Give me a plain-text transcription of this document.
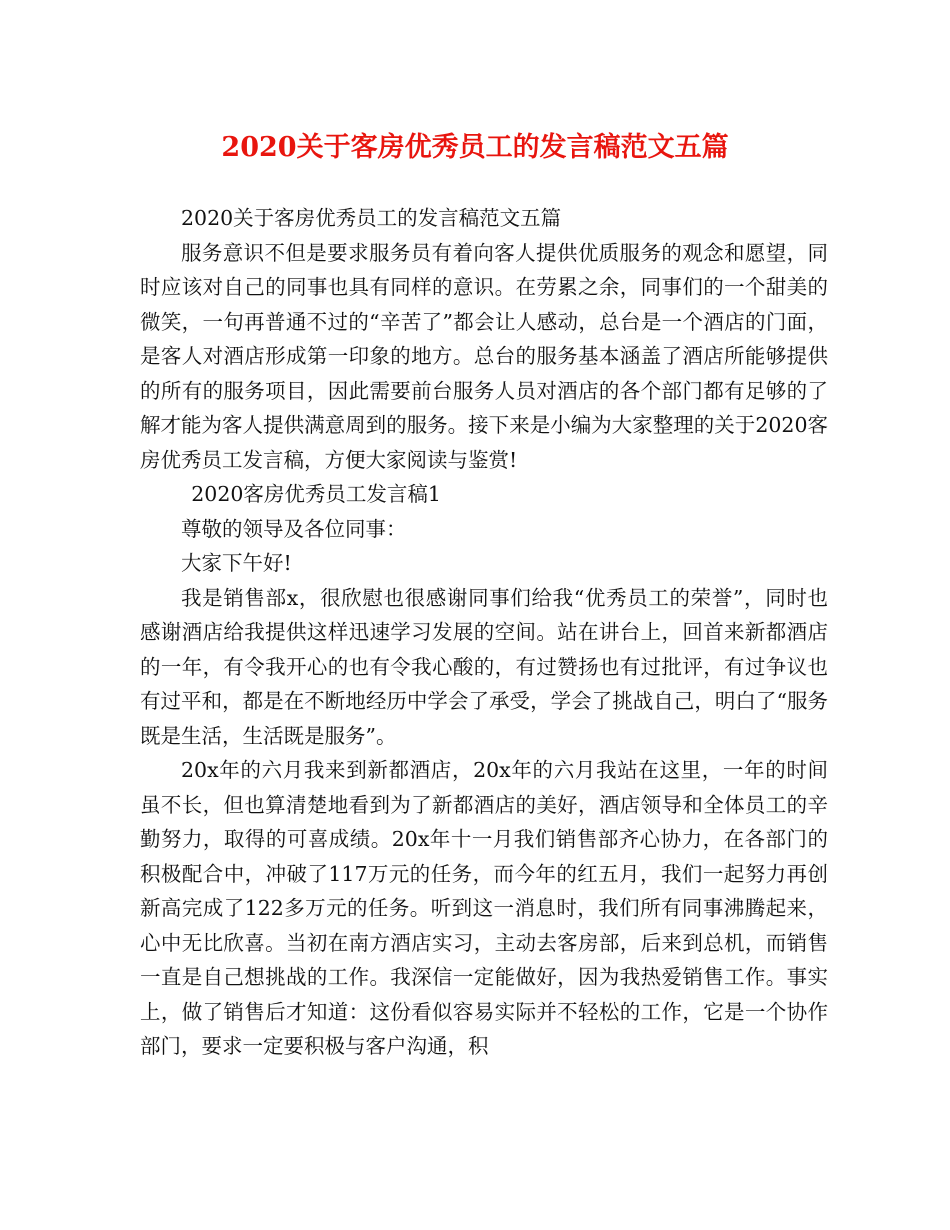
2020关于客房优秀员工的发言稿范文五篇

2020关于客房优秀员工的发言稿范文五篇

服务意识不但是要求服务员有着向客人提供优质服务的观念和愿望，同时应该对自己的同事也具有同样的意识。在劳累之余，同事们的一个甜美的微笑，一句再普通不过的“辛苦了”都会让人感动，总台是一个酒店的门面，是客人对酒店形成第一印象的地方。总台的服务基本涵盖了酒店所能够提供的所有的服务项目，因此需要前台服务人员对酒店的各个部门都有足够的了解才能为客人提供满意周到的服务。接下来是小编为大家整理的关于2020客房优秀员工发言稿，方便大家阅读与鉴赏!

2020客房优秀员工发言稿1

尊敬的领导及各位同事：

大家下午好!

我是销售部x，很欣慰也很感谢同事们给我“优秀员工的荣誉”，同时也感谢酒店给我提供这样迅速学习发展的空间。站在讲台上，回首来新都酒店的一年，有令我开心的也有令我心酸的，有过赞扬也有过批评，有过争议也有过平和，都是在不断地经历中学会了承受，学会了挑战自己，明白了“服务既是生活，生活既是服务”。

20x年的六月我来到新都酒店，20x年的六月我站在这里，一年的时间虽不长，但也算清楚地看到为了新都酒店的美好，酒店领导和全体员工的辛勤努力，取得的可喜成绩。20x年十一月我们销售部齐心协力，在各部门的积极配合中，冲破了117万元的任务，而今年的红五月，我们一起努力再创新高完成了122多万元的任务。听到这一消息时，我们所有同事沸腾起来，心中无比欣喜。当初在南方酒店实习，主动去客房部，后来到总机，而销售一直是自己想挑战的工作。我深信一定能做好，因为我热爱销售工作。事实上，做了销售后才知道：这份看似容易实际并不轻松的工作，它是一个协作部门，要求一定要积极与客户沟通，积
